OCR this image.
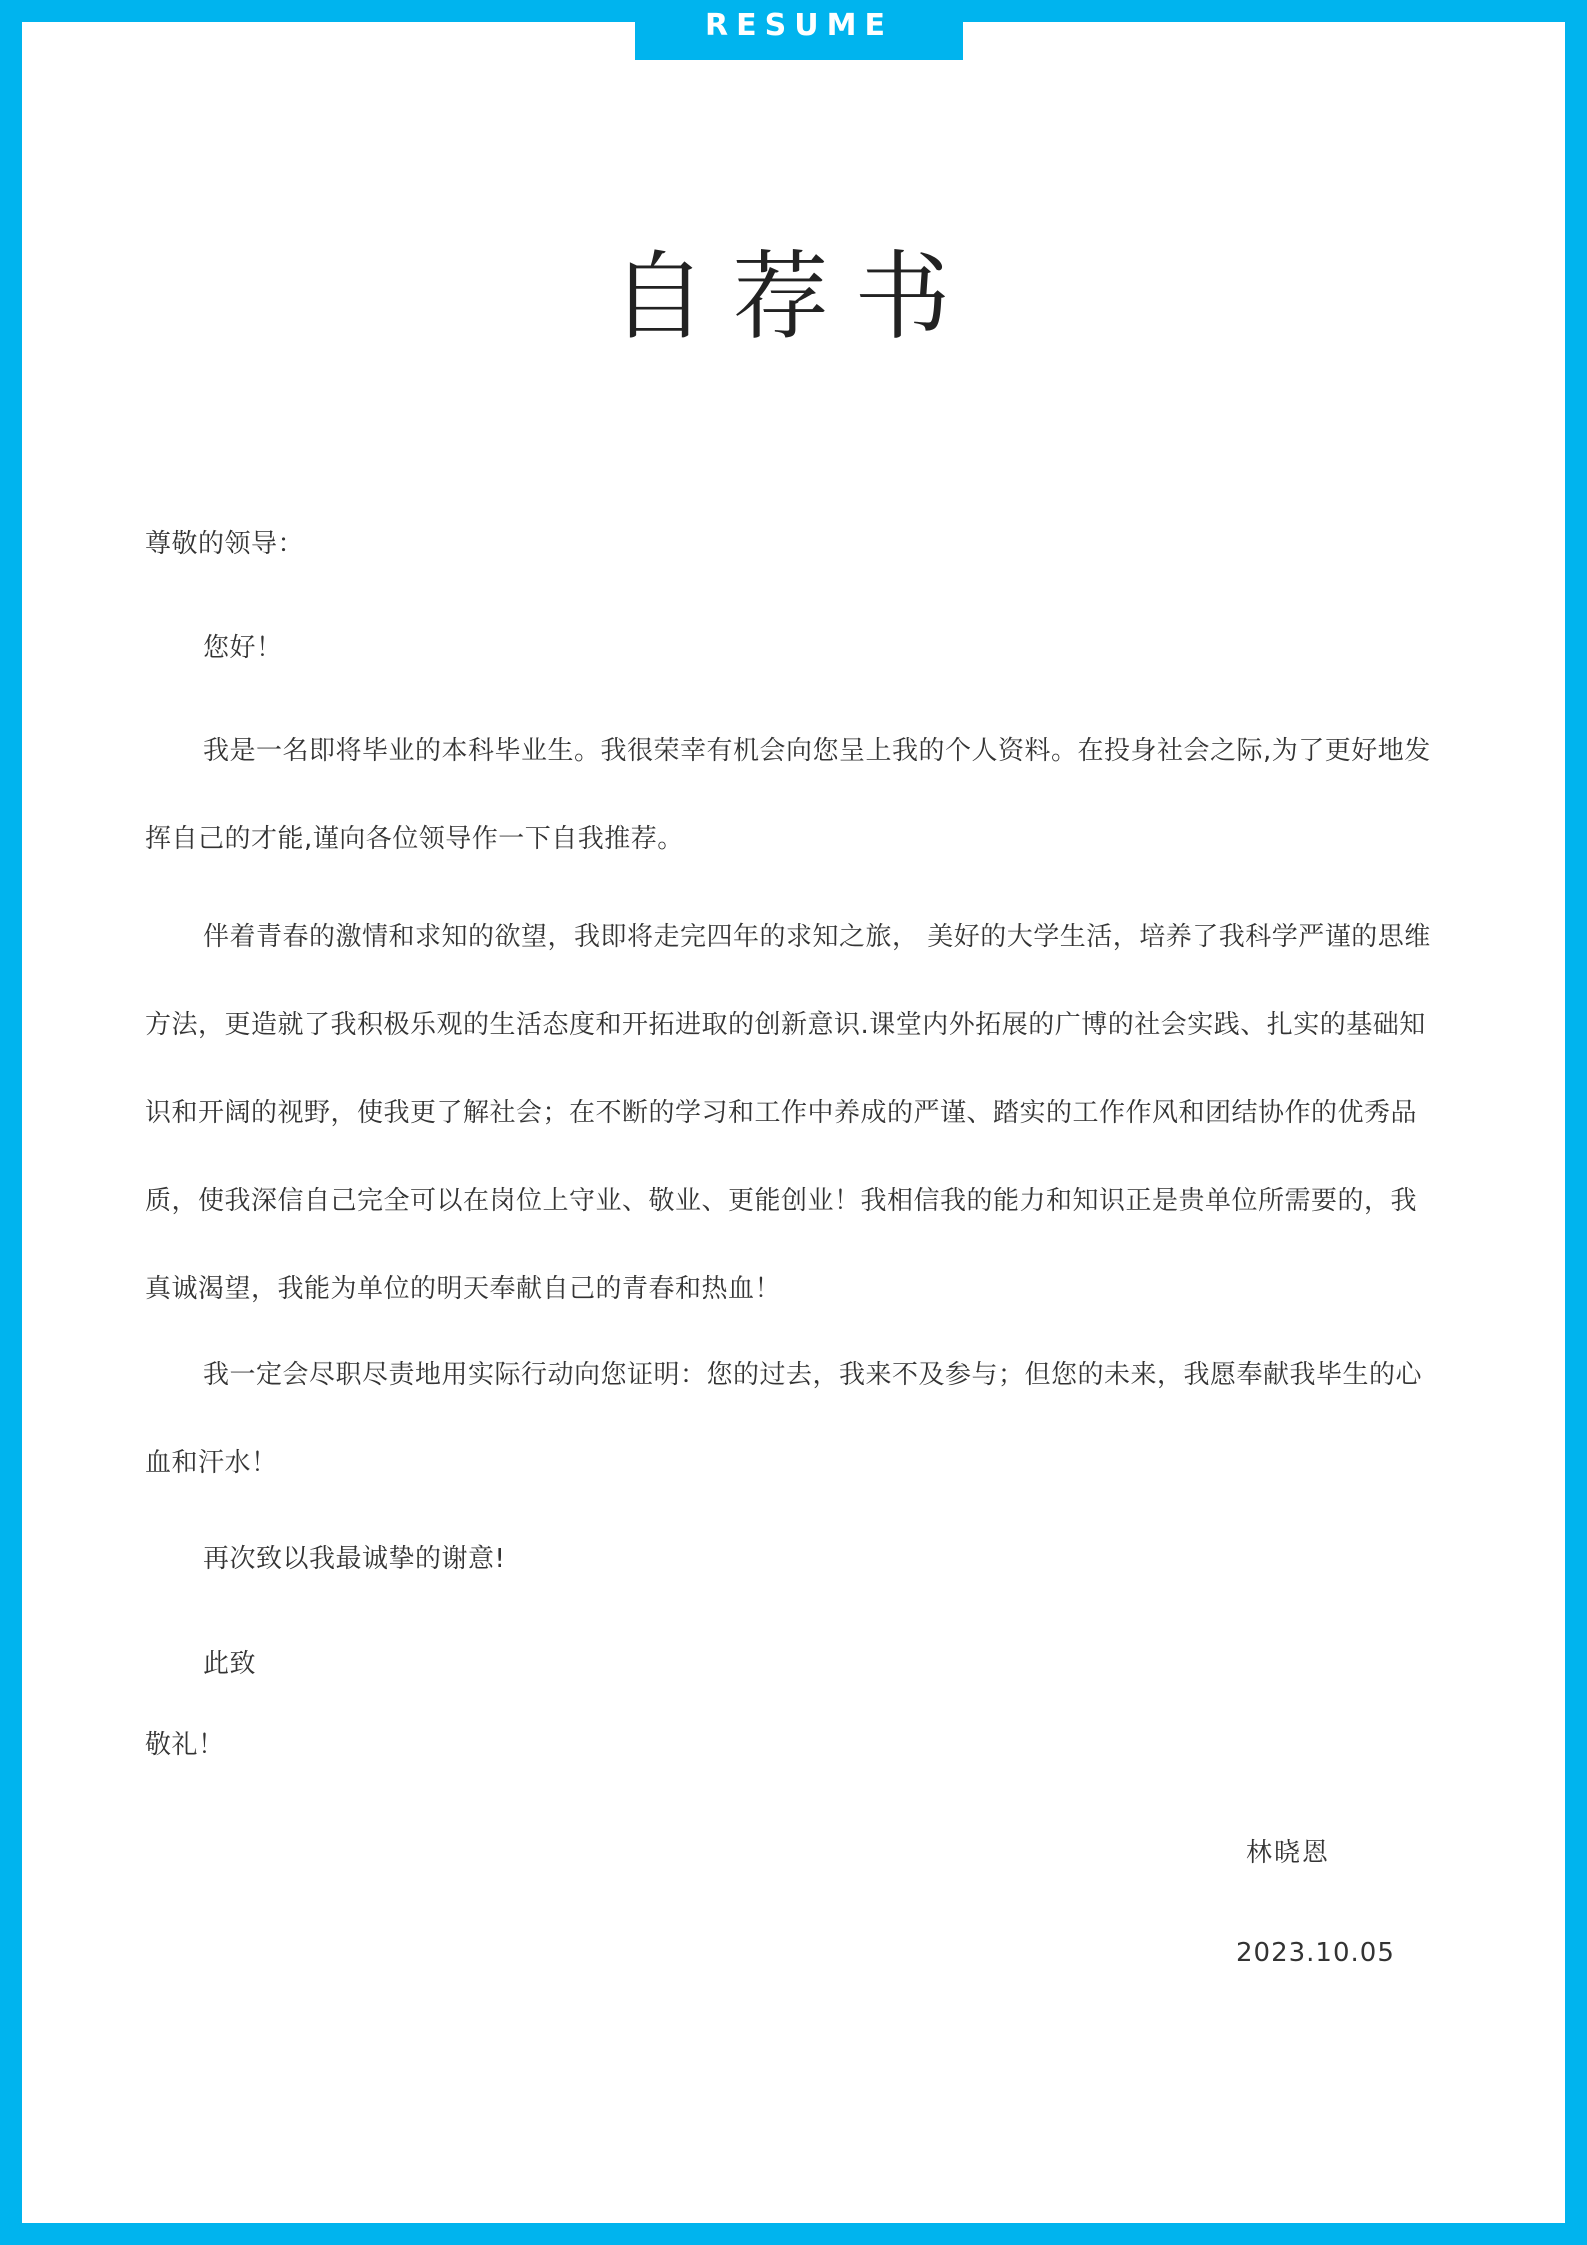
RESUME
自荐书

尊敬的领导：

您好！

我是一名即将毕业的本科毕业生。我很荣幸有机会向您呈上我的个人资料。在投身社会之际,为了更好地发挥自己的才能,谨向各位领导作一下自我推荐。

伴着青春的激情和求知的欲望，我即将走完四年的求知之旅， 美好的大学生活，培养了我科学严谨的思维方法，更造就了我积极乐观的生活态度和开拓进取的创新意识.课堂内外拓展的广博的社会实践、扎实的基础知识和开阔的视野，使我更了解社会；在不断的学习和工作中养成的严谨、踏实的工作作风和团结协作的优秀品质，使我深信自己完全可以在岗位上守业、敬业、更能创业！我相信我的能力和知识正是贵单位所需要的，我真诚渴望，我能为单位的明天奉献自己的青春和热血！

我一定会尽职尽责地用实际行动向您证明：您的过去，我来不及参与；但您的未来，我愿奉献我毕生的心血和汗水！

再次致以我最诚挚的谢意!

此致

敬礼！

林晓恩
2023.10.05
